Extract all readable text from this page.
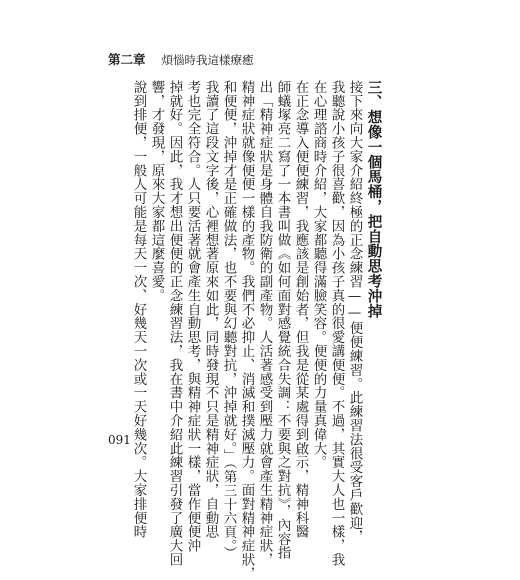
第二章 煩惱時我這樣療癒
三、想像一個馬桶，把自動思考沖掉
接下來向大家介紹終極的正念練習——便便練習。此練習法很受客戶歡迎，
我聽說小孩子很喜歡，因為小孩子真的很愛講便便。不過，其實大人也一樣，我
在心理諮商時介紹，大家都聽得滿臉笑容。便便的力量真偉大。
在正念導入便便練習，我應該是創始者，但我是從某處得到啟示，精神科醫
師蟻塚亮二寫了一本書叫做《如何面對感覺統合失調：不要與之對抗》，內容指
出「精神症狀是身體自我防衛的副產物。人活著感受到壓力就會產生精神症狀，
精神症狀就像便便一樣的產物。我們不必抑止、消滅和撲滅壓力。面對精神症狀，
和便便，沖掉才是正確做法，也不要與幻聽對抗，沖掉就好。」（第三十六頁。）
我讀了這段文字後，心裡想著原來如此，同時發現不只是精神症狀，自動思
考也完全符合。人只要活著就會產生自動思考，與精神症狀一樣，當作便便沖
掉就好。因此，我才想出便便的正念練習法，我在書中介紹此練習引發了廣大回
響，才發現，原來大家都這麼喜愛。
說到排便，一般人可能是每天一次、好幾天一次或一天好幾次。大家排便時
091
